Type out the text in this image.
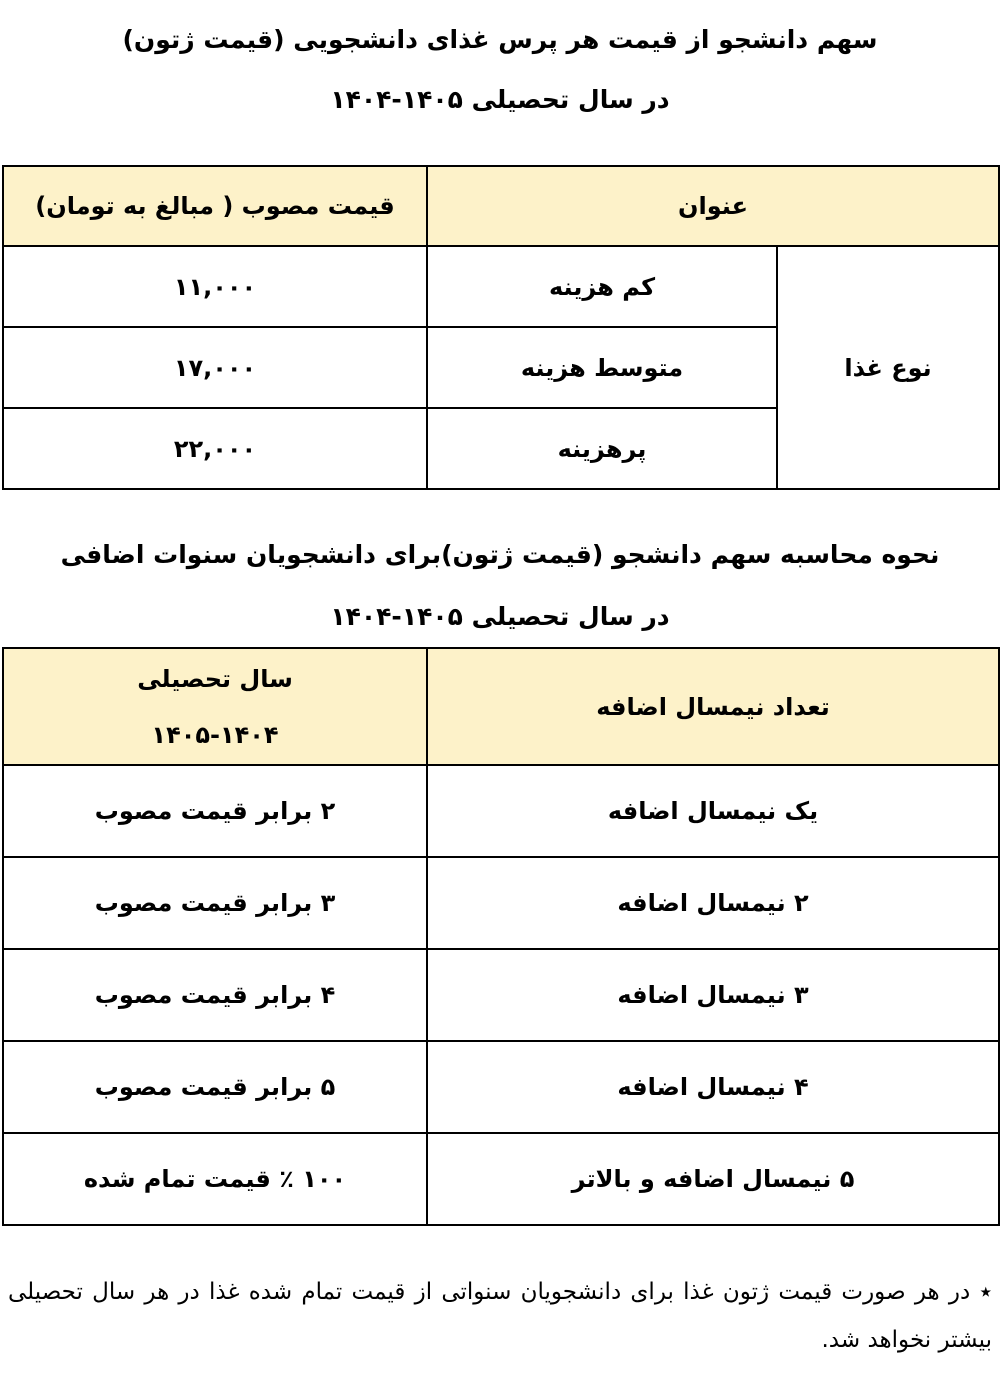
سهم دانشجو از قیمت هر پرس غذای دانشجویی (قیمت ژتون)
در سال تحصیلی ۱۴۰۵-۱۴۰۴
عنوان		قیمت مصوب ( مبالغ به تومان)
نوع غذا	کم هزینه	۱۱,۰۰۰
	متوسط هزینه	۱۷,۰۰۰
	پرهزینه	۲۲,۰۰۰
نحوه محاسبه سهم دانشجو (قیمت ژتون)برای دانشجویان سنوات اضافی
در سال تحصیلی ۱۴۰۵-۱۴۰۴
تعداد نیمسال اضافه	سال تحصیلی
۱۴۰۵-۱۴۰۴

یک نیمسال اضافه	۲ برابر قیمت مصوب
۲ نیمسال اضافه	۳ برابر قیمت مصوب
۳ نیمسال اضافه	۴ برابر قیمت مصوب
۴ نیمسال اضافه	۵ برابر قیمت مصوب
۵ نیمسال اضافه و بالاتر	۱۰۰ ٪ قیمت تمام شده
٭ در هر صورت قیمت ژتون غذا برای دانشجویان سنواتی از قیمت تمام شده غذا در هر سال تحصیلی بیشتر نخواهد شد.
